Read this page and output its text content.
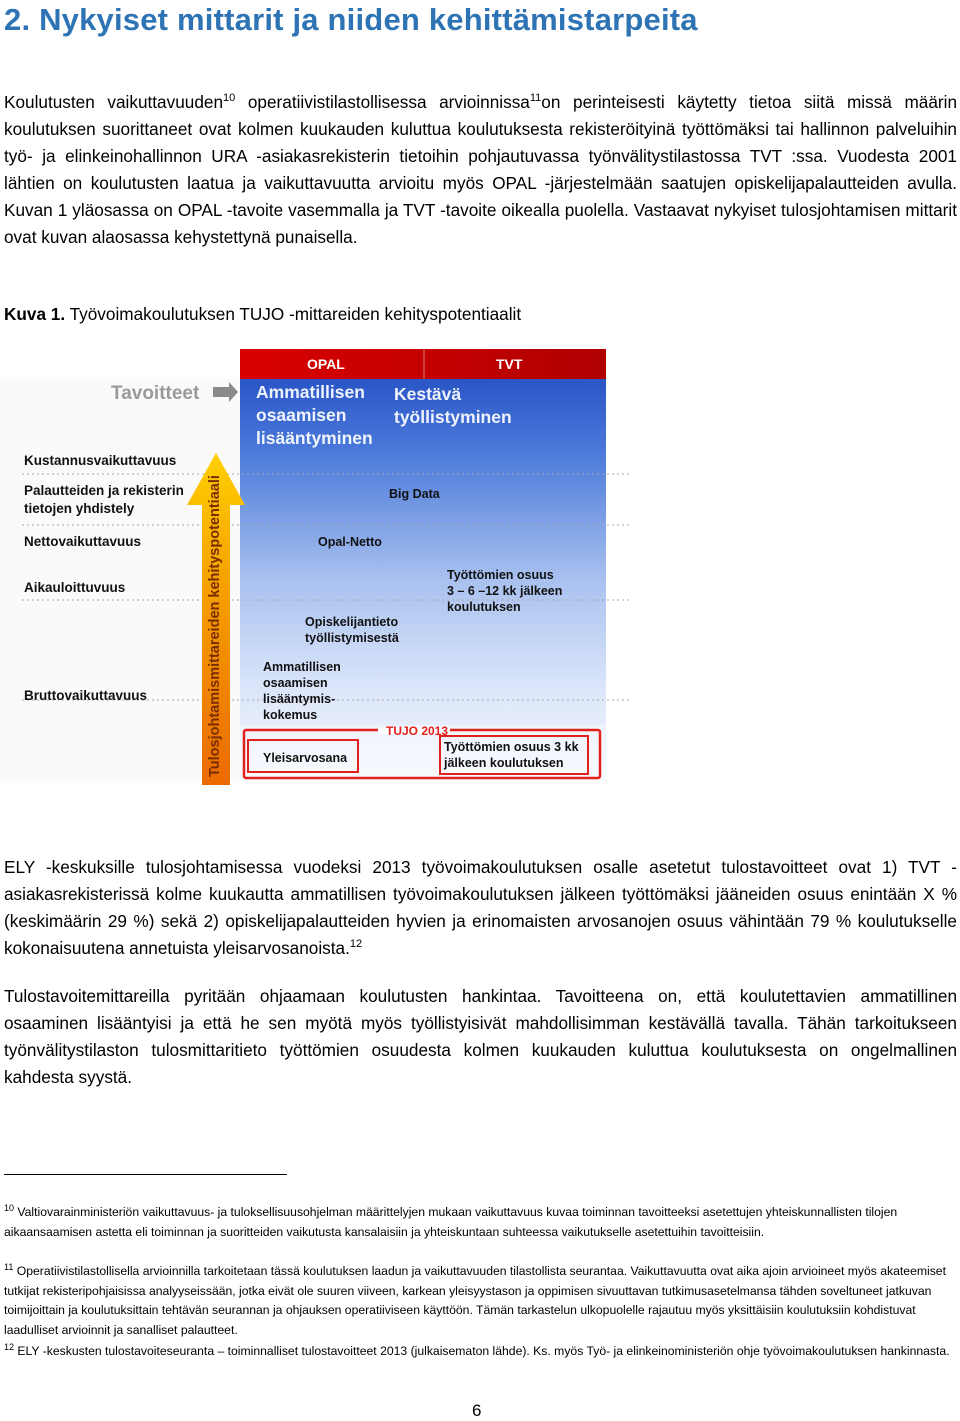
2. Nykyiset mittarit ja niiden kehittämistarpeita

Koulutusten vaikuttavuuden$^{10}$ operatiivistilastollisessa arvioinnissa$^{11}$on perinteisesti käytetty tietoa siitä missä määrin koulutuksen suorittaneet ovat kolmen kuukauden kuluttua koulutuksesta rekisteröityinä työttömäksi tai hallinnon palveluihin työ- ja elinkeinohallinnon URA -asiakasrekisterin tietoihin pohjautuvassa työnvälitystilastossa TVT :ssa. Vuodesta 2001 lähtien on koulutusten laatua ja vaikuttavuutta arvioitu myös OPAL -järjestelmään saatujen opiskelijapalautteiden avulla. Kuvan 1 yläosassa on OPAL -tavoite vasemmalla ja TVT -tavoite oikealla puolella. Vastaavat nykyiset tulosjohtamisen mittarit ovat kuvan alaosassa kehystettynä punaisella.

Kuva 1. Työvoimakoulutuksen TUJO -mittareiden kehityspotentiaalit
OPAL	TVT
Tavoitteet	Ammatillisen
osaamisen
lisääntyminen
Kestävä
työllistyminen
Kustannusvaikuttavuus
Palautteiden ja rekisterin
tietojen yhdistely
Nettovaikuttavuus
Aikauloittuvuus
Bruttovaikuttavuus	Tulosjohtamismittareiden kehityspotentiaali	Big Data
Opal-Netto
Työttömien osuus
3 – 6 –12 kk jälkeen
koulutuksen
Opiskelijantieto
työllistymisestä
Ammatillisen
osaamisen
lisääntymis-
kokemus
TUJO 2013
Yleisarvosana
Työttömien osuus 3 kk
jälkeen koulutuksen

ELY -keskuksille tulosjohtamisessa vuodeksi 2013 työvoimakoulutuksen osalle asetetut tulostavoitteet ovat 1) TVT -asiakasrekisterissä kolme kuukautta ammatillisen työvoimakoulutuksen jälkeen työttömäksi jääneiden osuus enintään X % (keskimäärin 29 %) sekä 2) opiskelijapalautteiden hyvien ja erinomaisten arvosanojen osuus vähintään 79 % koulutukselle kokonaisuutena annetuista yleisarvosanoista.$^{12}$

Tulostavoitemittareilla pyritään ohjaamaan koulutusten hankintaa. Tavoitteena on, että koulutettavien ammatillinen osaaminen lisääntyisi ja että he sen myötä myös työllistyisivät mahdollisimman kestävällä tavalla. Tähän tarkoitukseen työnvälitystilaston tulosmittaritieto työttömien osuudesta kolmen kuukauden kuluttua koulutuksesta on ongelmallinen kahdesta syystä.

$^{10}$ Valtiovarainministeriön vaikuttavuus- ja tuloksellisuusohjelman määrittelyjen mukaan vaikuttavuus kuvaa toiminnan tavoitteeksi asetettujen yhteiskunnallisten tilojen aikaansaamisen astetta eli toiminnan ja suoritteiden vaikutusta kansalaisiin ja yhteiskuntaan suhteessa vaikutukselle asetettuihin tavoitteisiin.

$^{11}$ Operatiivistilastollisella arvioinnilla tarkoitetaan tässä koulutuksen laadun ja vaikuttavuuden tilastollista seurantaa. Vaikuttavuutta ovat aika ajoin arvioineet myös akateemiset tutkijat rekisteripohjaisissa analyyseissään, jotka eivät ole suuren viiveen, karkean yleisyystason ja oppimisen sivuuttavan tutkimusasetelmansa tähden soveltuneet jatkuvan toimijoittain ja koulutuksittain tehtävän seurannan ja ohjauksen operatiiviseen käyttöön. Tämän tarkastelun ulkopuolelle rajautuu myös yksittäisiin koulutuksiin kohdistuvat laadulliset arvioinnit ja sanalliset palautteet.

$^{12}$ ELY -keskusten tulostavoiteseuranta – toiminnalliset tulostavoitteet 2013 (julkaisematon lähde). Ks. myös Työ- ja elinkeinoministeriön ohje työvoimakoulutuksen hankinnasta.

6
